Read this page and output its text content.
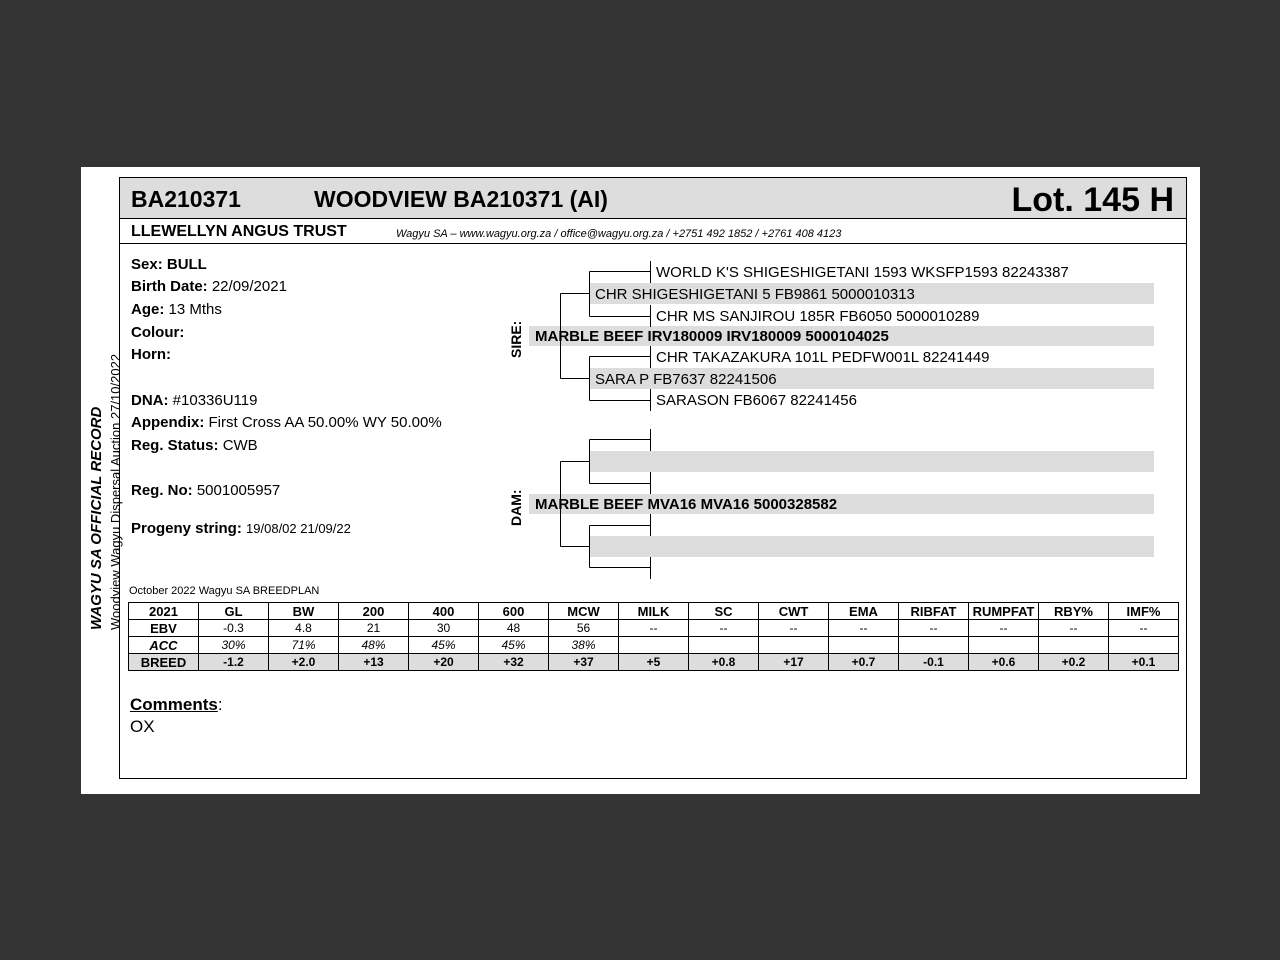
WAGYU SA OFFICIAL RECORD Woodview Wagyu Dispersal Auction 27/10/2022
BA210371	WOODVIEW BA210371 (AI)	Lot. 145 H
LLEWELLYN ANGUS TRUST	Wagyu SA – www.wagyu.org.za / office@wagyu.org.za / +2751 492 1852 / +2761 408 4123
Sex: BULL
Birth Date: 22/09/2021
Age: 13 Mths
Colour:
Horn:
DNA: #10336U119
Appendix: First Cross AA 50.00% WY 50.00%
Reg. Status: CWB
Reg. No: 5001005957
Progeny string: 19/08/02 21/09/22
SIRE:
DAM:
WORLD K'S SHIGESHIGETANI 1593 WKSFP1593 82243387
CHR SHIGESHIGETANI 5 FB9861 5000010313
CHR MS SANJIROU 185R FB6050 5000010289
MARBLE BEEF IRV180009 IRV180009 5000104025
CHR TAKAZAKURA 101L PEDFW001L 82241449
SARA P FB7637 82241506
SARASON FB6067 82241456
MARBLE BEEF MVA16 MVA16 5000328582
October 2022 Wagyu SA BREEDPLAN
2021	GL	BW	200	400	600	MCW	MILK	SC	CWT	EMA	RIBFAT	RUMPFAT	RBY%	IMF%
EBV	-0.3	4.8	21	30	48	56	--	--	--	--	--	--	--	--
ACC	30%	71%	48%	45%	45%	38%								
BREED	-1.2	+2.0	+13	+20	+32	+37	+5	+0.8	+17	+0.7	-0.1	+0.6	+0.2	+0.1
Comments:
OX
